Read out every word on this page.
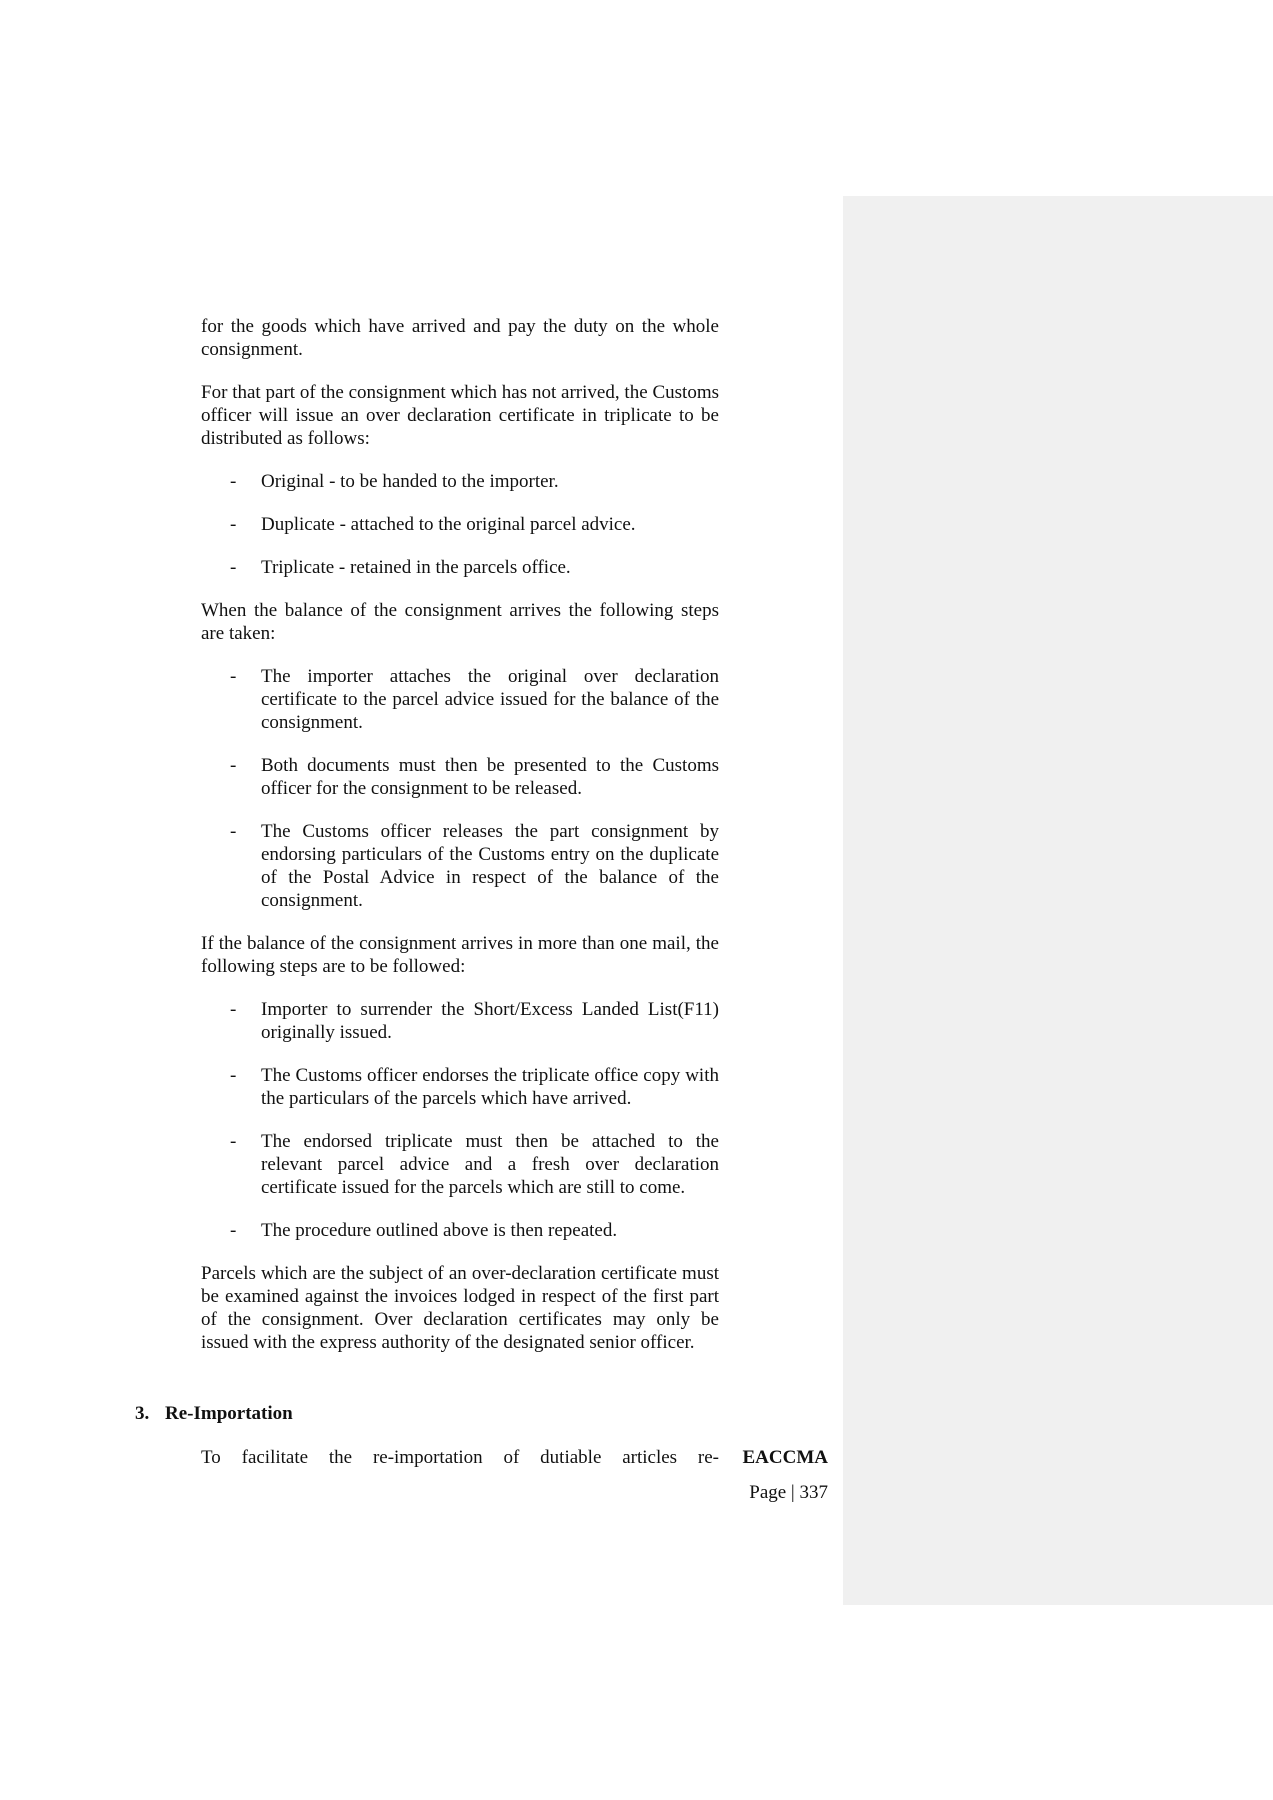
for the goods which have arrived and pay the duty on the whole consignment.

For that part of the consignment which has not arrived, the Customs officer will issue an over declaration certificate in triplicate to be distributed as follows:

- Original - to be handed to the importer.
- Duplicate - attached to the original parcel advice.
- Triplicate - retained in the parcels office.

When the balance of the consignment arrives the following steps are taken:

- The importer attaches the original over declaration certificate to the parcel advice issued for the balance of the consignment.
- Both documents must then be presented to the Customs officer for the consignment to be released.
- The Customs officer releases the part consignment by endorsing particulars of the Customs entry on the duplicate of the Postal Advice in respect of the balance of the consignment.

If the balance of the consignment arrives in more than one mail, the following steps are to be followed:

- Importer to surrender the Short/Excess Landed List(F11) originally issued.
- The Customs officer endorses the triplicate office copy with the particulars of the parcels which have arrived.
- The endorsed triplicate must then be attached to the relevant parcel advice and a fresh over declaration certificate issued for the parcels which are still to come.
- The procedure outlined above is then repeated.

Parcels which are the subject of an over-declaration certificate must be examined against the invoices lodged in respect of the first part of the consignment. Over declaration certificates may only be issued with the express authority of the designated senior officer.

3. Re-Importation

To facilitate the re-importation of dutiable articles re-	EACCMA
Page | 337
